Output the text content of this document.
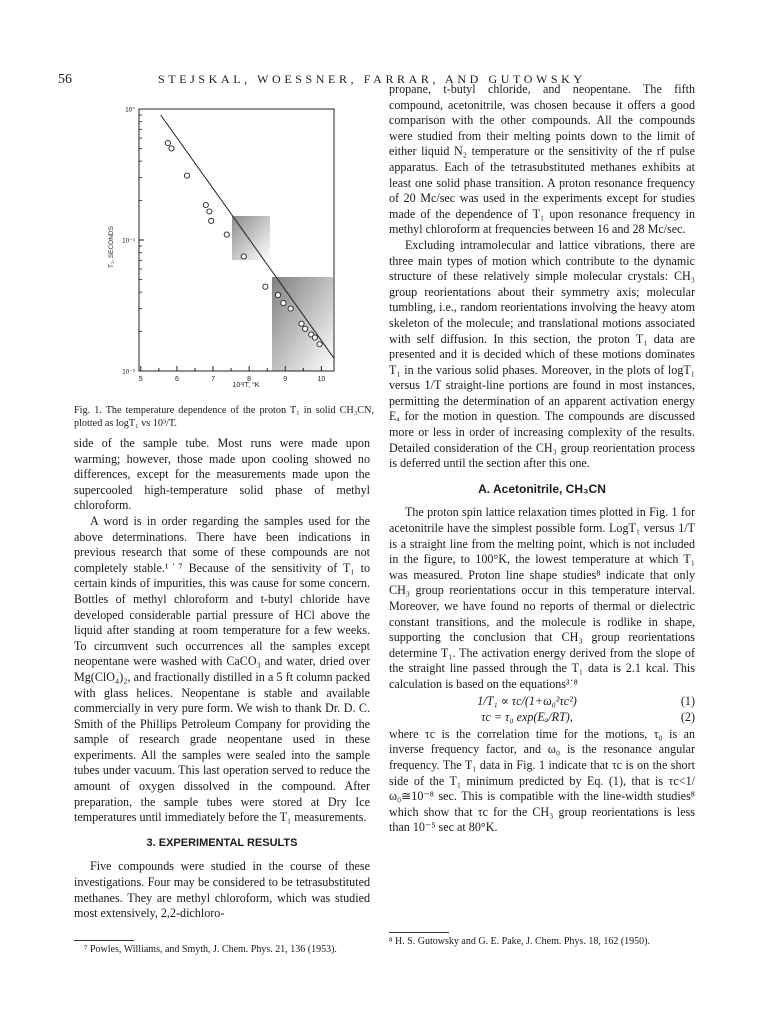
56	STEJSKAL, WOESSNER, FARRAR, AND GUTOWSKY
5	6	7	8	9	10
10°
10⁻¹
10⁻²
T₁, SECONDS
10³/T, °K
Fig. 1. The temperature dependence of the proton T₁ in solid CH₃CN, plotted as logT₁ vs 10³/T.

side of the sample tube. Most runs were made upon warming; however, those made upon cooling showed no differences, except for the measurements made upon the supercooled high-temperature solid phase of methyl chloroform.

A word is in order regarding the samples used for the above determinations. There have been indications in previous research that some of these compounds are not completely stable.¹˙⁷ Because of the sensitivity of T₁ to certain kinds of impurities, this was cause for some concern. Bottles of methyl chloroform and t-butyl chloride have developed considerable partial pressure of HCl above the liquid after standing at room temperature for a few weeks. To circumvent such occurrences all the samples except neopentane were washed with CaCO₃ and water, dried over Mg(ClO₄)₂, and fractionally distilled in a 5 ft column packed with glass helices. Neopentane is stable and available commercially in very pure form. We wish to thank Dr. D. C. Smith of the Phillips Petroleum Company for providing the sample of research grade neopentane used in these experiments. All the samples were sealed into the sample tubes under vacuum. This last operation served to reduce the amount of oxygen dissolved in the compound. After preparation, the sample tubes were stored at Dry Ice temperatures until immediately before the T₁ measurements.

3. EXPERIMENTAL RESULTS

Five compounds were studied in the course of these investigations. Four may be considered to be tetrasubstituted methanes. They are methyl chloroform, which was studied most extensively, 2,2-dichloro-

⁷ Powles, Williams, and Smyth, J. Chem. Phys. 21, 136 (1953).

propane, t-butyl chloride, and neopentane. The fifth compound, acetonitrile, was chosen because it offers a good comparison with the other compounds. All the compounds were studied from their melting points down to the limit of either liquid N₂ temperature or the sensitivity of the rf pulse apparatus. Each of the tetrasubstituted methanes exhibits at least one solid phase transition. A proton resonance frequency of 20 Mc/sec was used in the experiments except for studies made of the dependence of T₁ upon resonance frequency in methyl chloroform at frequencies between 16 and 28 Mc/sec.

Excluding intramolecular and lattice vibrations, there are three main types of motion which contribute to the dynamic structure of these relatively simple molecular crystals: CH₃ group reorientations about their symmetry axis; molecular tumbling, i.e., random reorientations involving the heavy atom skeleton of the molecule; and translational motions associated with self diffusion. In this section, the proton T₁ data are presented and it is decided which of these motions dominates T₁ in the various solid phases. Moreover, in the plots of logT₁ versus 1/T straight-line portions are found in most instances, permitting the determination of an apparent activation energy Eₐ for the motion in question. The compounds are discussed more or less in order of increasing complexity of the results. Detailed consideration of the CH₃ group reorientation process is deferred until the section after this one.

A. Acetonitrile, CH₃CN

The proton spin lattice relaxation times plotted in Fig. 1 for acetonitrile have the simplest possible form. LogT₁ versus 1/T is a straight line from the melting point, which is not included in the figure, to 100°K, the lowest temperature at which T₁ was measured. Proton line shape studies⁸ indicate that only CH₃ group reorientations occur in this temperature interval. Moreover, we have found no reports of thermal or dielectric constant transitions, and the molecule is rodlike in shape, supporting the conclusion that CH₃ group reorientations determine T₁. The activation energy derived from the slope of the straight line passed through the T₁ data is 2.1 kcal. This calculation is based on the equations³˙⁸

1/T₁ ∝ τc/(1+ω₀²τc²)	(1)
τc = τ₀ exp(Eₐ/RT),	(2)

where τc is the correlation time for the motions, τ₀ is an inverse frequency factor, and ω₀ is the resonance angular frequency. The T₁ data in Fig. 1 indicate that τc is on the short side of the T₁ minimum predicted by Eq. (1), that is τc<1/ω₀≅10⁻⁸ sec. This is compatible with the line-width studies⁸ which show that τc for the CH₃ group reorientations is less than 10⁻⁵ sec at 80°K.

⁸ H. S. Gutowsky and G. E. Pake, J. Chem. Phys. 18, 162 (1950).
